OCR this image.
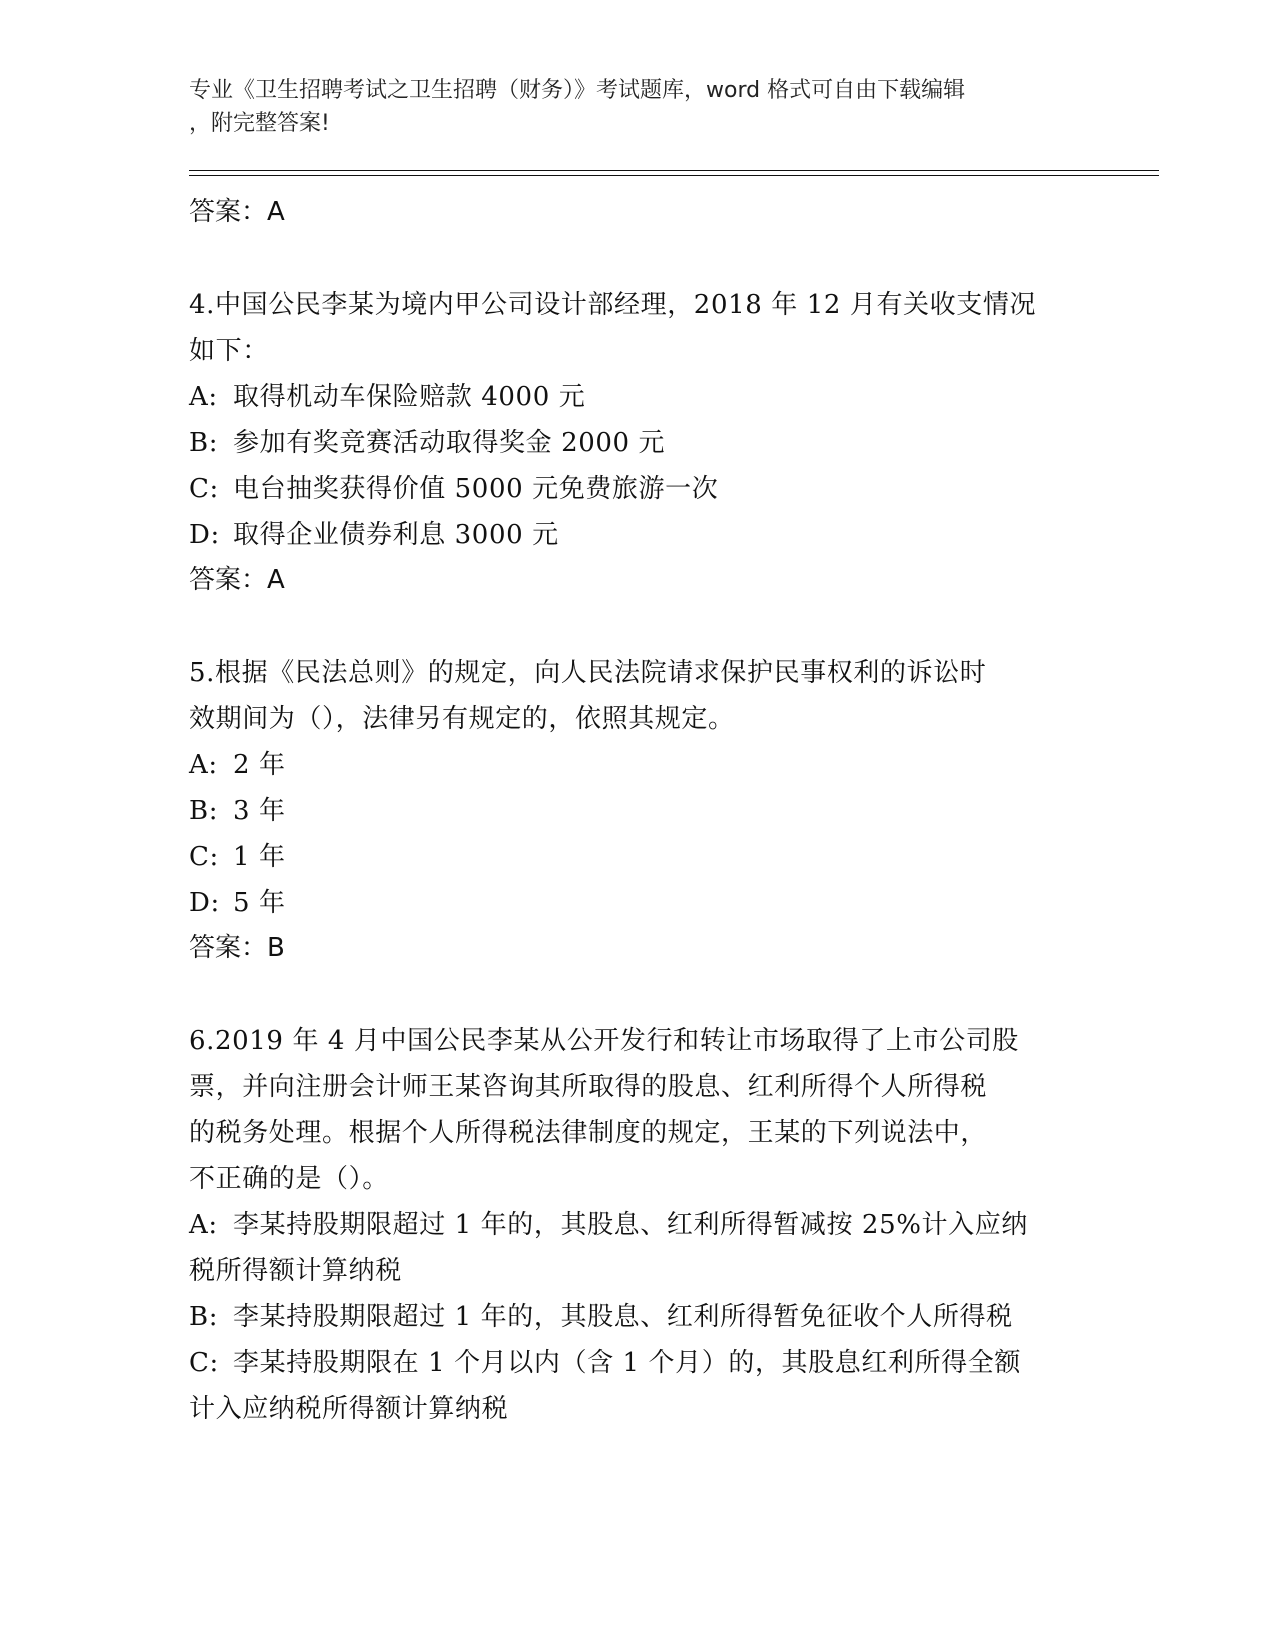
专业《卫生招聘考试之卫生招聘（财务）》考试题库，word 格式可自由下载编辑
，附完整答案!
答案：A
4.中国公民李某为境内甲公司设计部经理，2018 年 12 月有关收支情况
如下：
A: 取得机动车保险赔款 4000 元
B: 参加有奖竞赛活动取得奖金 2000 元
C: 电台抽奖获得价值 5000 元免费旅游一次
D: 取得企业债券利息 3000 元
答案：A
5.根据《民法总则》的规定，向人民法院请求保护民事权利的诉讼时
效期间为（），法律另有规定的，依照其规定。
A: 2 年
B: 3 年
C: 1 年
D: 5 年
答案：B
6.2019 年 4 月中国公民李某从公开发行和转让市场取得了上市公司股
票，并向注册会计师王某咨询其所取得的股息、红利所得个人所得税
的税务处理。根据个人所得税法律制度的规定，王某的下列说法中，
不正确的是（）。
A: 李某持股期限超过 1 年的，其股息、红利所得暂减按 25%计入应纳
税所得额计算纳税
B: 李某持股期限超过 1 年的，其股息、红利所得暂免征收个人所得税
C: 李某持股期限在 1 个月以内（含 1 个月）的，其股息红利所得全额
计入应纳税所得额计算纳税
